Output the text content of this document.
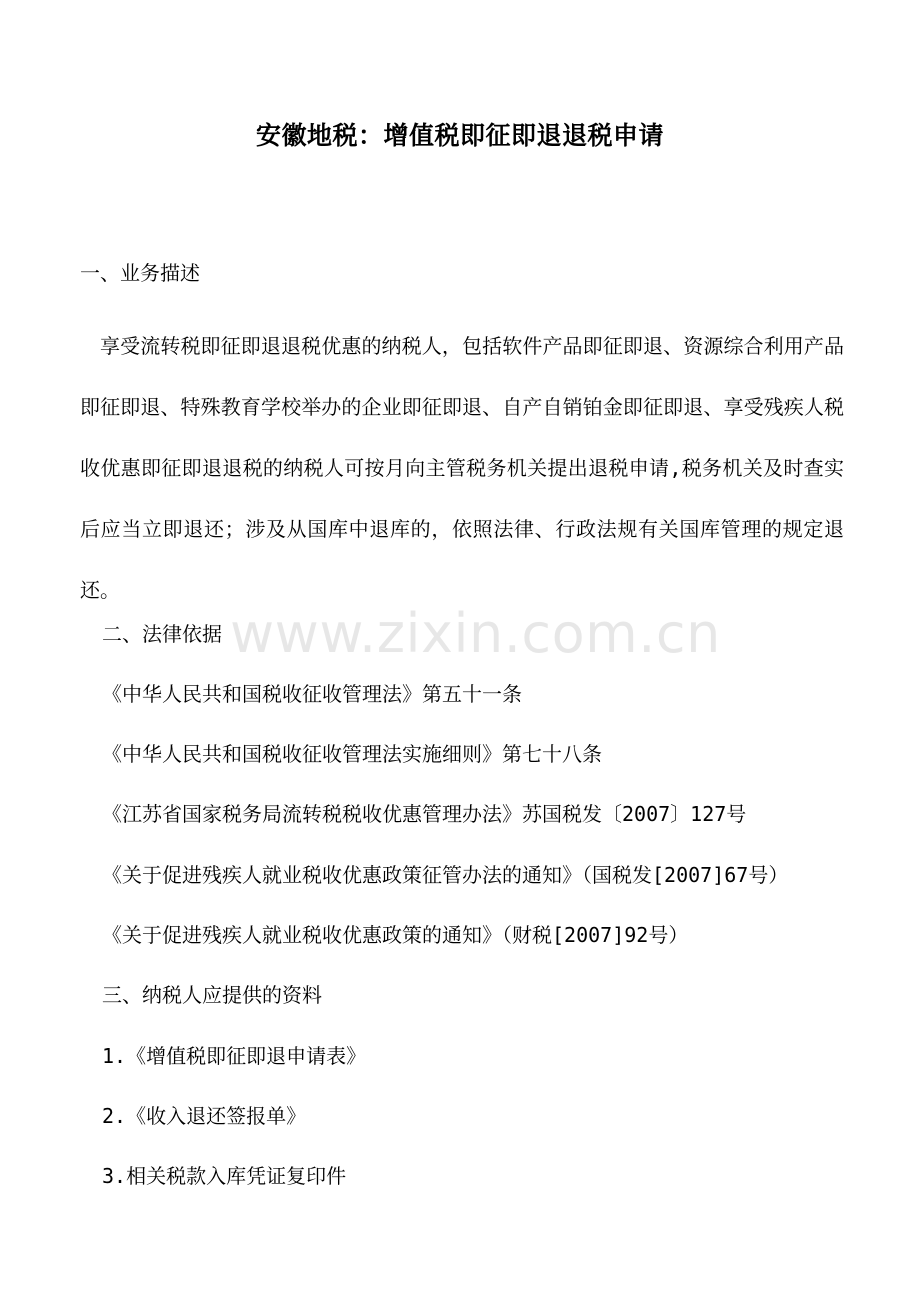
安徽地税：增值税即征即退退税申请
一、业务描述
享受流转税即征即退退税优惠的纳税人，包括软件产品即征即退、资源综合利用产品即征即退、特殊教育学校举办的企业即征即退、自产自销铂金即征即退、享受残疾人税收优惠即征即退退税的纳税人可按月向主管税务机关提出退税申请,税务机关及时查实后应当立即退还；涉及从国库中退库的，依照法律、行政法规有关国库管理的规定退还。
二、法律依据
《中华人民共和国税收征收管理法》第五十一条
《中华人民共和国税收征收管理法实施细则》第七十八条
《江苏省国家税务局流转税税收优惠管理办法》苏国税发〔2007〕127号
《关于促进残疾人就业税收优惠政策征管办法的通知》（国税发[2007]67号）
《关于促进残疾人就业税收优惠政策的通知》（财税[2007]92号）
三、纳税人应提供的资料
1.《增值税即征即退申请表》
2.《收入退还签报单》
3.相关税款入库凭证复印件
www.zixin.com.cn
